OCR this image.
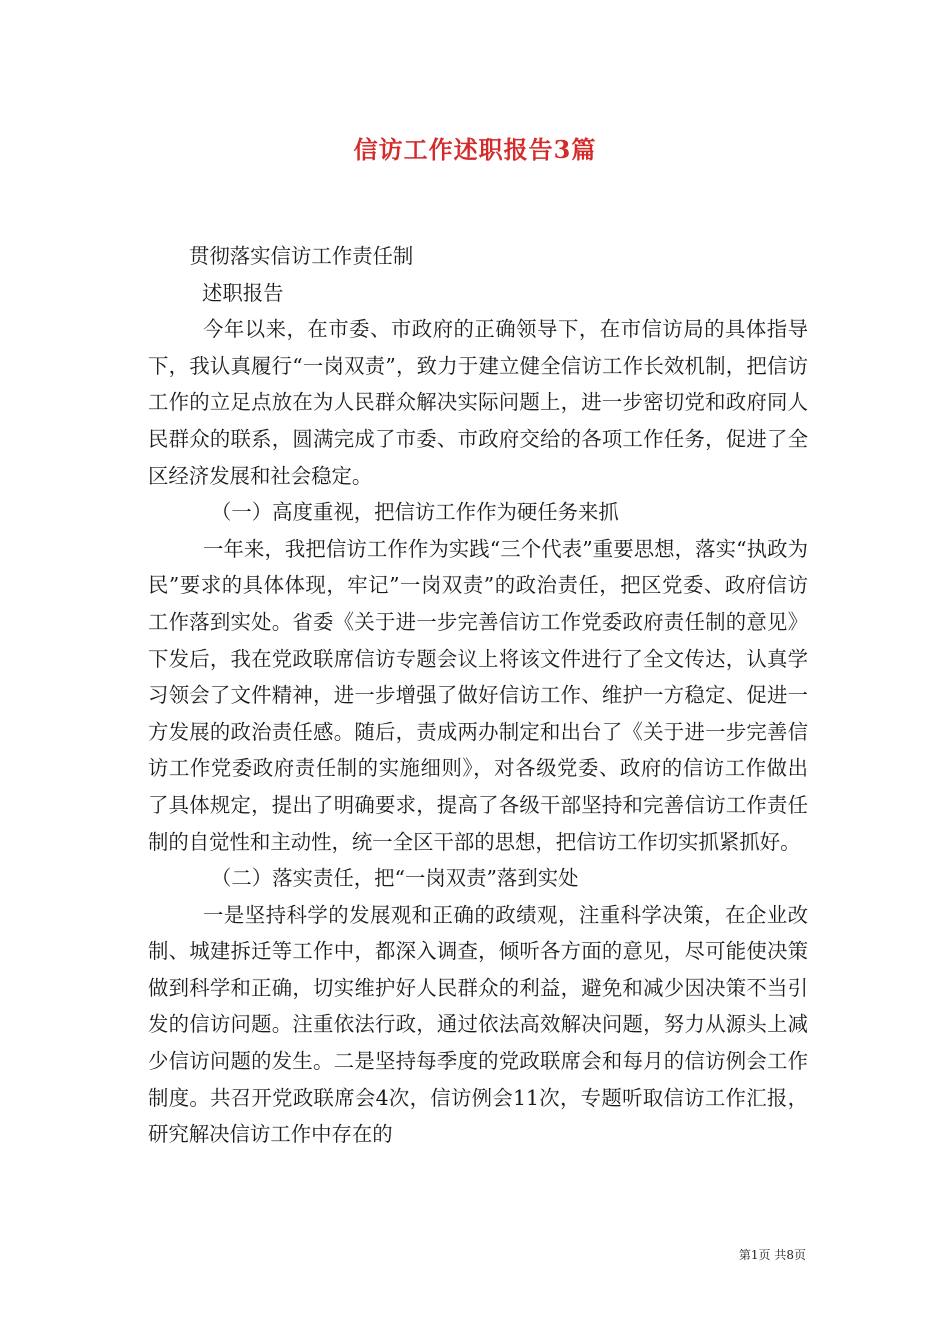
信访工作述职报告3篇

贯彻落实信访工作责任制

述职报告

今年以来，在市委、市政府的正确领导下，在市信访局的具体指导下，我认真履行“一岗双责”，致力于建立健全信访工作长效机制，把信访工作的立足点放在为人民群众解决实际问题上，进一步密切党和政府同人民群众的联系，圆满完成了市委、市政府交给的各项工作任务，促进了全区经济发展和社会稳定。

（一）高度重视，把信访工作作为硬任务来抓

一年来，我把信访工作作为实践“三个代表”重要思想，落实“执政为民”要求的具体体现，牢记”一岗双责”的政治责任，把区党委、政府信访工作落到实处。省委《关于进一步完善信访工作党委政府责任制的意见》下发后，我在党政联席信访专题会议上将该文件进行了全文传达，认真学习领会了文件精神，进一步增强了做好信访工作、维护一方稳定、促进一方发展的政治责任感。随后，责成两办制定和出台了《关于进一步完善信访工作党委政府责任制的实施细则》，对各级党委、政府的信访工作做出了具体规定，提出了明确要求，提高了各级干部坚持和完善信访工作责任制的自觉性和主动性，统一全区干部的思想，把信访工作切实抓紧抓好。

（二）落实责任，把“一岗双责”落到实处

一是坚持科学的发展观和正确的政绩观，注重科学决策，在企业改制、城建拆迁等工作中，都深入调查，倾听各方面的意见，尽可能使决策做到科学和正确，切实维护好人民群众的利益，避免和减少因决策不当引发的信访问题。注重依法行政，通过依法高效解决问题，努力从源头上减少信访问题的发生。二是坚持每季度的党政联席会和每月的信访例会工作制度。共召开党政联席会4次，信访例会11次，专题听取信访工作汇报，研究解决信访工作中存在的

第1页 共8页
